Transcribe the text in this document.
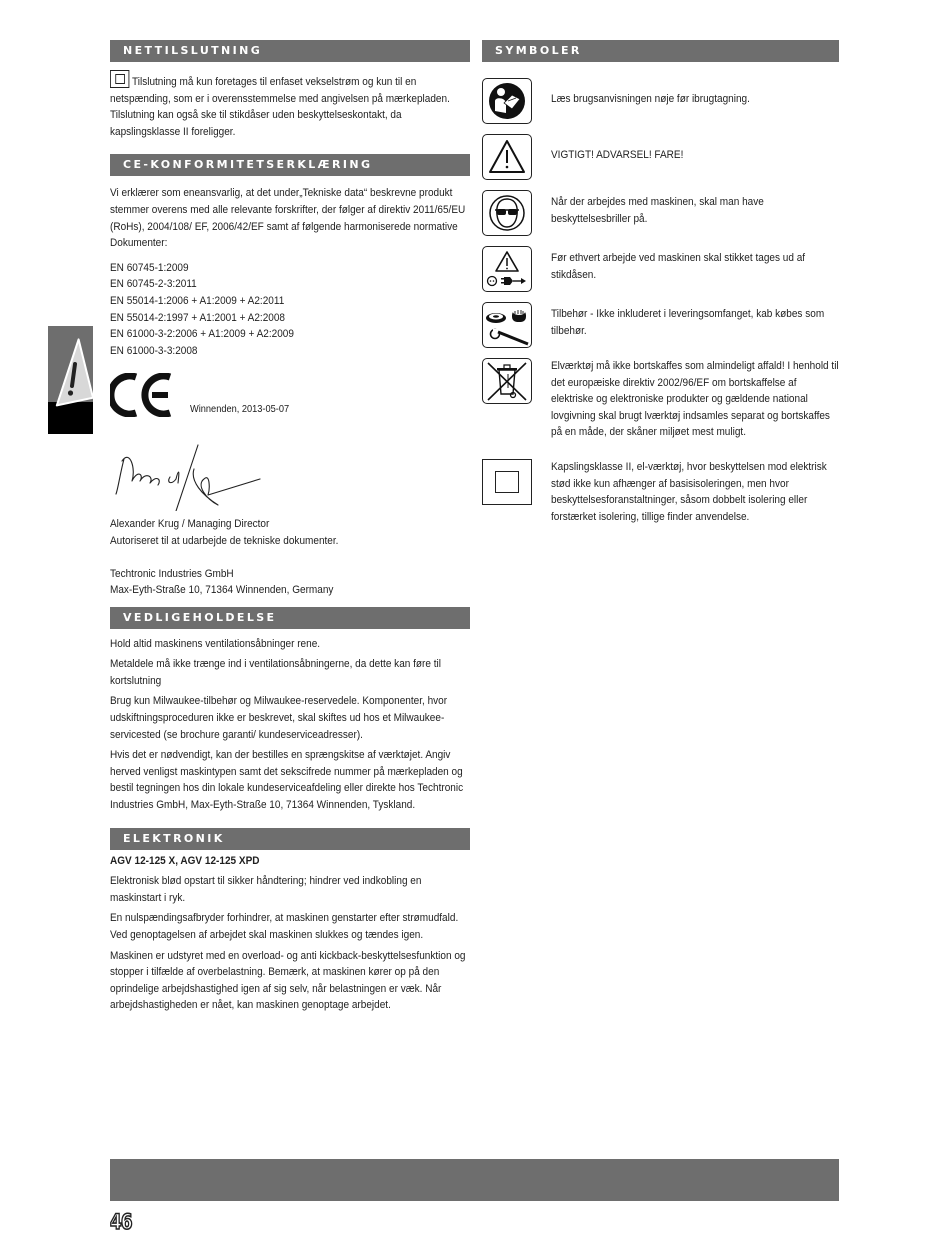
NETTILSLUTNING
Tilslutning må kun foretages til enfaset vekselstrøm og kun til en netspænding, som er i overensstemmelse med angivelsen på mærkepladen. Tilslutning kan også ske til stikdåser uden beskyttelseskontakt, da kapslingsklasse II foreligger.
CE-KONFORMITETSERKLÆRING
Vi erklærer som eneansvarlig, at det under„Tekniske data“ beskrevne produkt stemmer overens med alle relevante forskrifter, der følger af direktiv 2011/65/EU (RoHs), 2004/108/ EF, 2006/42/EF samt af følgende harmoniserede normative Dokumenter:
EN 60745-1:2009
EN 60745-2-3:2011
EN 55014-1:2006 + A1:2009 + A2:2011
EN 55014-2:1997 + A1:2001 + A2:2008
EN 61000-3-2:2006 + A1:2009 + A2:2009
EN 61000-3-3:2008
Winnenden, 2013-05-07
Alexander Krug / Managing Director
Autoriseret til at udarbejde de tekniske dokumenter.
Techtronic Industries GmbH
Max-Eyth-Straße 10, 71364 Winnenden, Germany
VEDLIGEHOLDELSE
Hold altid maskinens ventilationsåbninger rene.
Metaldele må ikke trænge ind i ventilationsåbningerne, da dette kan føre til kortslutning
Brug kun Milwaukee-tilbehør og Milwaukee-reservedele. Komponenter, hvor udskiftningsproceduren ikke er beskrevet, skal skiftes ud hos et Milwaukee-servicested (se brochure garanti/ kundeserviceadresser).
Hvis det er nødvendigt, kan der bestilles en sprængskitse af værktøjet. Angiv herved venligst maskintypen samt det sekscifrede nummer på mærkepladen og bestil tegningen hos din lokale kundeserviceafdeling eller direkte hos Techtronic Industries GmbH, Max-Eyth-Straße 10, 71364 Winnenden, Tyskland.
ELEKTRONIK
AGV 12-125 X, AGV 12-125 XPD
Elektronisk blød opstart til sikker håndtering; hindrer ved indkobling en maskinstart i ryk.
En nulspændingsafbryder forhindrer, at maskinen genstarter efter strømudfald. Ved genoptagelsen af arbejdet skal maskinen slukkes og tændes igen.
Maskinen er udstyret med en overload- og anti kickback-beskyttelsesfunktion og stopper i tilfælde af overbelastning. Bemærk, at maskinen kører op på den oprindelige arbejdshastighed igen af sig selv, når belastningen er væk. Når arbejdshastigheden er nået, kan maskinen genoptage arbejdet.
SYMBOLER
Læs brugsanvisningen nøje før ibrugtagning.
VIGTIGT! ADVARSEL! FARE!
Når der arbejdes med maskinen, skal man have beskyttelsesbriller på.
Før ethvert arbejde ved maskinen skal stikket tages ud af stikdåsen.
Tilbehør - Ikke inkluderet i leveringsomfanget, kab købes som tilbehør.
Elværktøj må ikke bortskaffes som almindeligt affald! I henhold til det europæiske direktiv 2002/96/EF om bortskaffelse af elektriske og elektroniske produkter og gældende national lovgivning skal brugt lværktøj indsamles separat og bortskaffes på en måde, der skåner miljøet mest muligt.
Kapslingsklasse II, el-værktøj, hvor beskyttelsen mod elektrisk stød ikke kun afhænger af basisisoleringen, men hvor beskyttelsesforanstaltninger, såsom dobbelt isolering eller forstærket isolering, tillige finder anvendelse.
46
